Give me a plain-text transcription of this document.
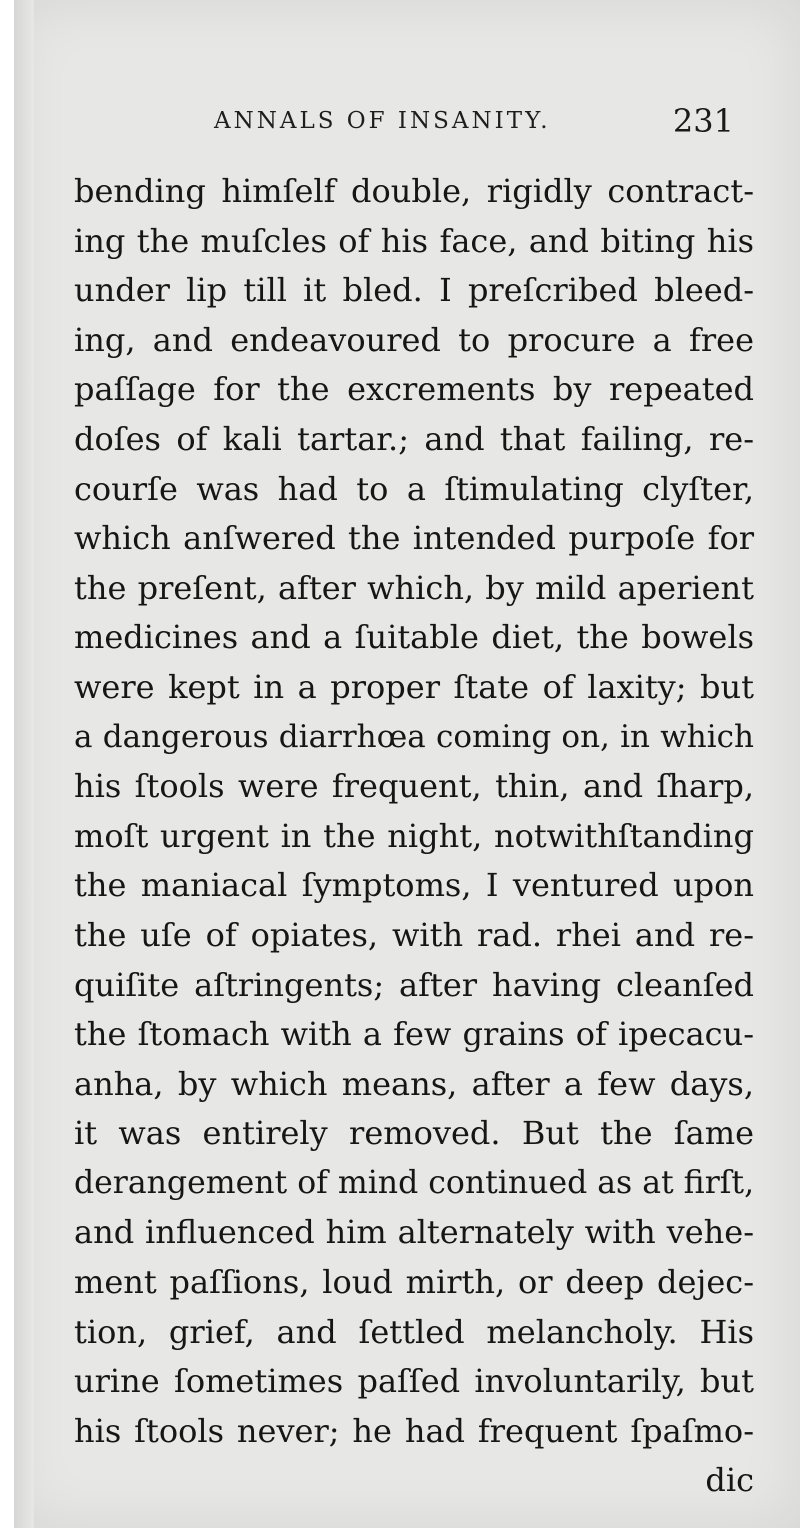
ANNALS OF INSANITY.	231
bending himſelf double, rigidly contract-
ing the muſcles of his face, and biting his
under lip till it bled. I preſcribed bleed-
ing, and endeavoured to procure a free
paſſage for the excrements by repeated
doſes of kali tartar.; and that failing, re-
courſe was had to a ſtimulating clyſter,
which anſwered the intended purpoſe for
the preſent, after which, by mild aperient
medicines and a ſuitable diet, the bowels
were kept in a proper ſtate of laxity; but
a dangerous diarrhœa coming on, in which
his ſtools were frequent, thin, and ſharp,
moſt urgent in the night, notwithſtanding
the maniacal ſymptoms, I ventured upon
the uſe of opiates, with rad. rhei and re-
quiſite aſtringents; after having cleanſed
the ſtomach with a few grains of ipecacu-
anha, by which means, after a few days,
it was entirely removed. But the ſame
derangement of mind continued as at firſt,
and influenced him alternately with vehe-
ment paſſions, loud mirth, or deep dejec-
tion, grief, and ſettled melancholy. His
urine ſometimes paſſed involuntarily, but
his ſtools never; he had frequent ſpaſmo-
dic
